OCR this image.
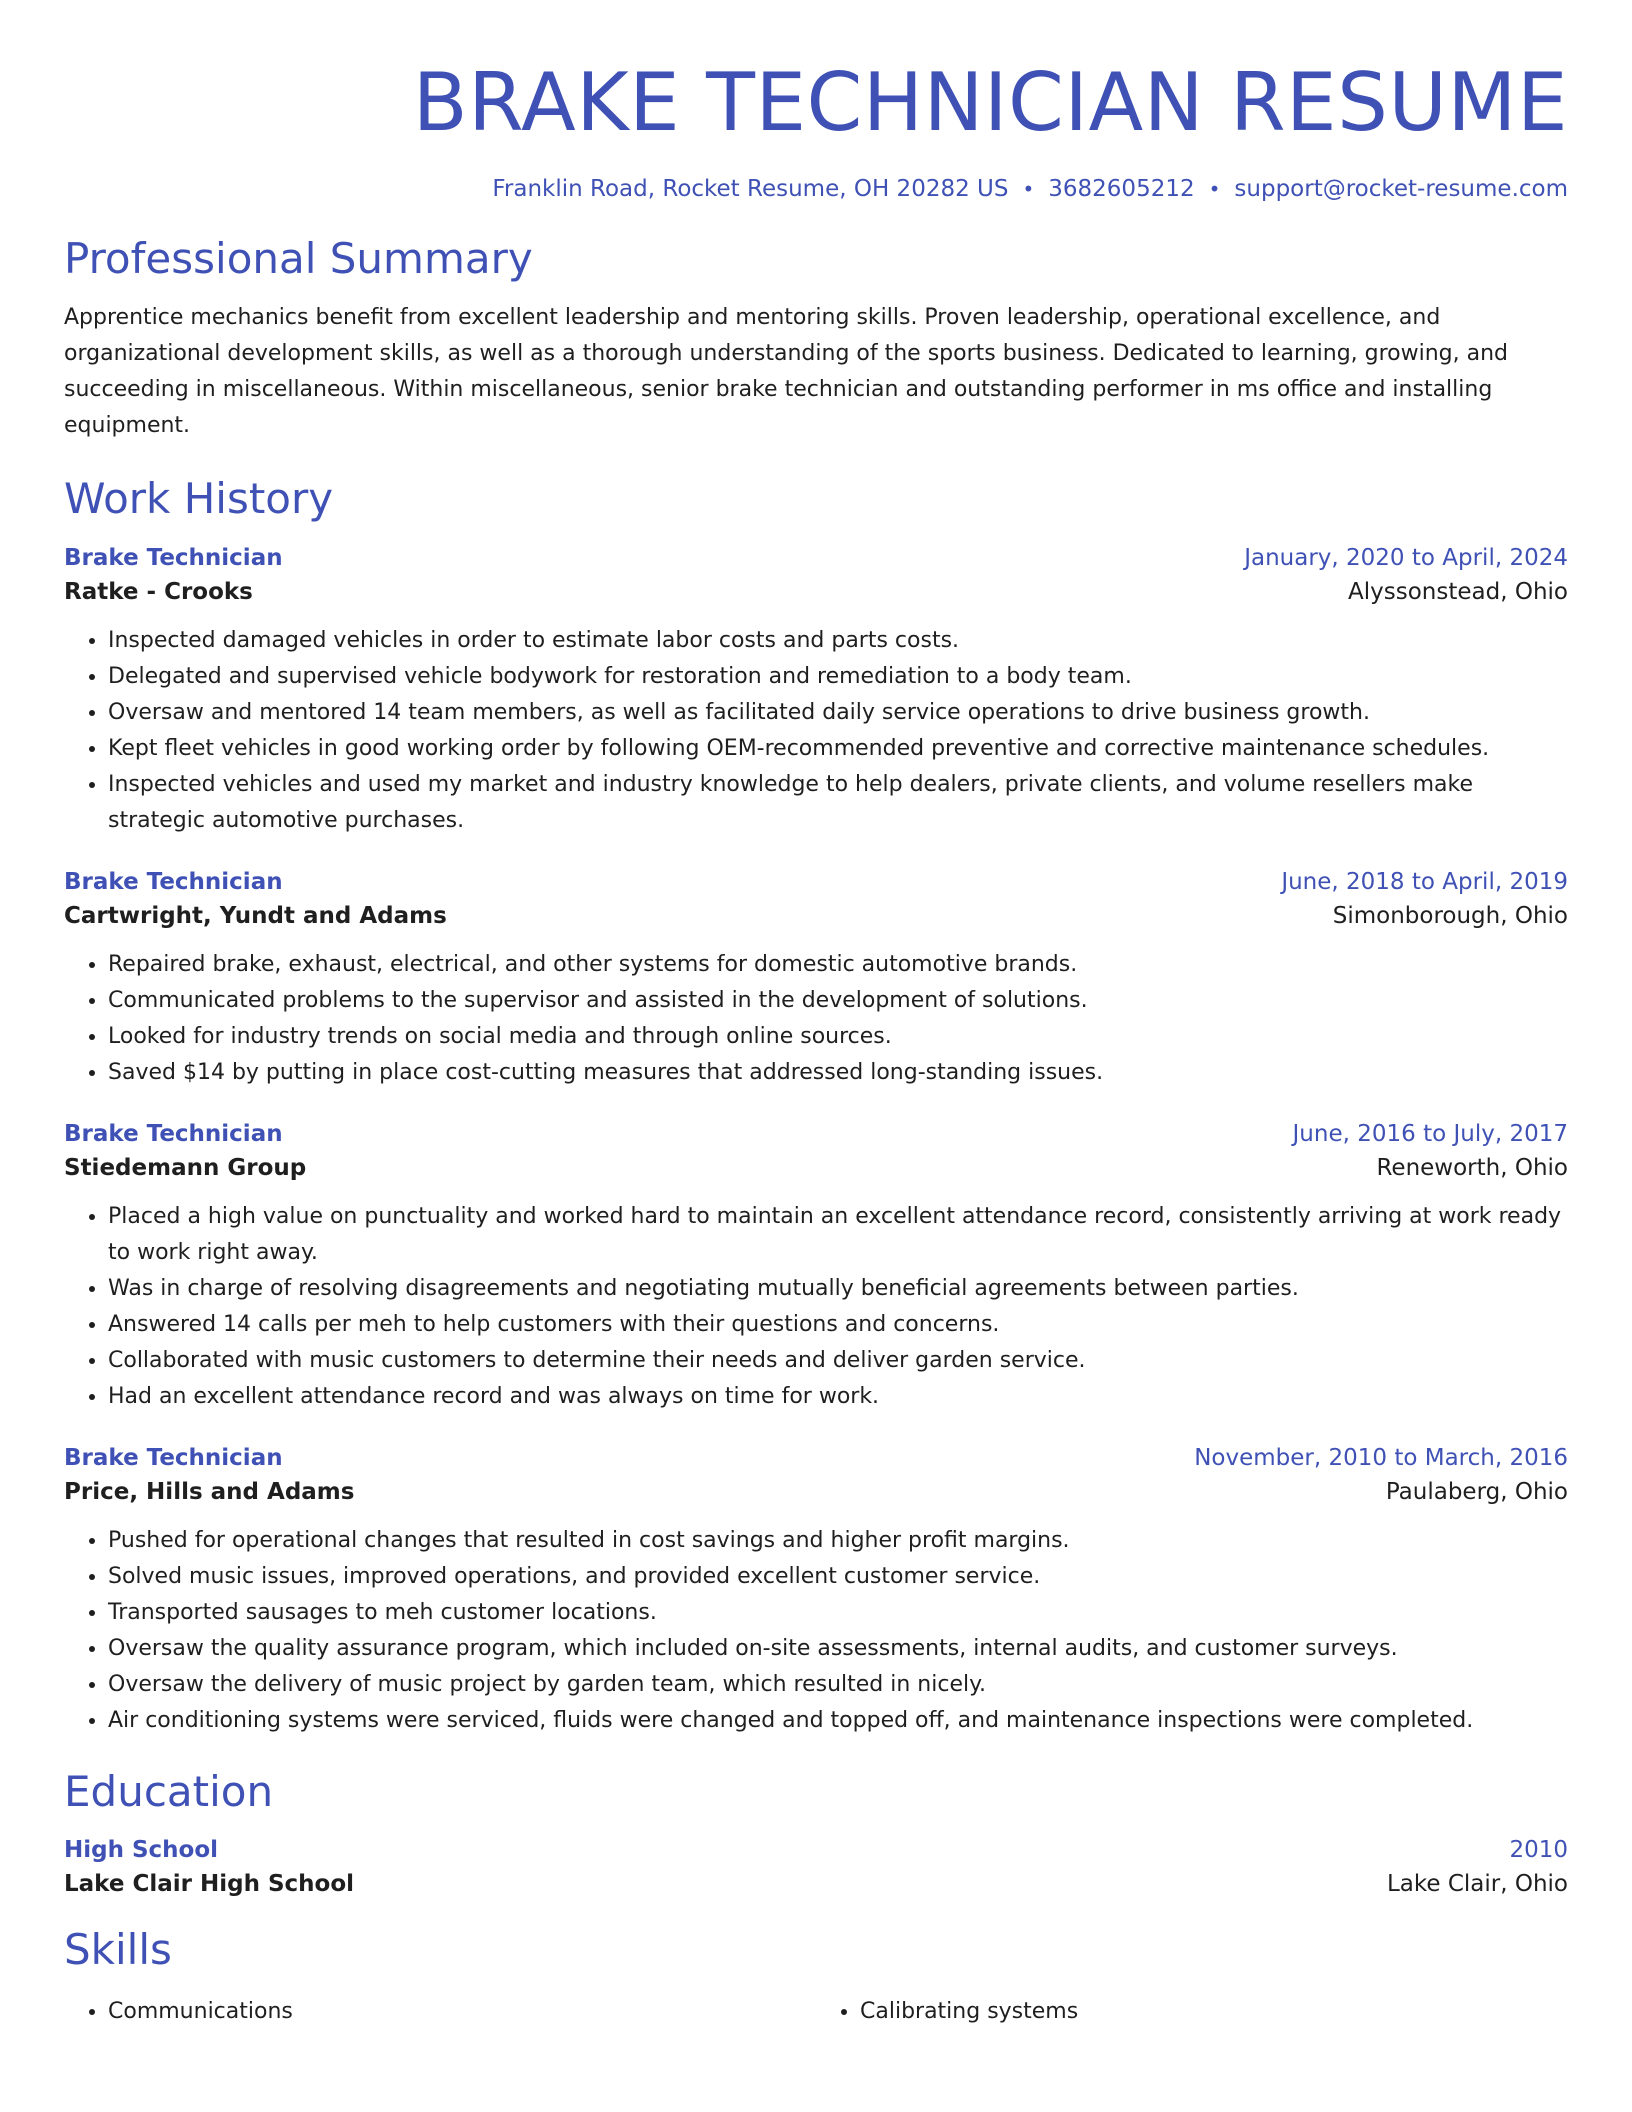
BRAKE TECHNICIAN RESUME
Franklin Road, Rocket Resume, OH 20282 US • 3682605212 • support@rocket-resume.com
Professional Summary

Apprentice mechanics benefit from excellent leadership and mentoring skills. Proven leadership, operational excellence, and organizational development skills, as well as a thorough understanding of the sports business. Dedicated to learning, growing, and succeeding in miscellaneous. Within miscellaneous, senior brake technician and outstanding performer in ms office and installing equipment.

Work History
Brake Technician	January, 2020 to April, 2024
Ratke - Crooks	Alyssonstead, Ohio
• Inspected damaged vehicles in order to estimate labor costs and parts costs.
• Delegated and supervised vehicle bodywork for restoration and remediation to a body team.
• Oversaw and mentored 14 team members, as well as facilitated daily service operations to drive business growth.
• Kept fleet vehicles in good working order by following OEM-recommended preventive and corrective maintenance schedules.
• Inspected vehicles and used my market and industry knowledge to help dealers, private clients, and volume resellers make strategic automotive purchases.
Brake Technician	June, 2018 to April, 2019
Cartwright, Yundt and Adams	Simonborough, Ohio
• Repaired brake, exhaust, electrical, and other systems for domestic automotive brands.
• Communicated problems to the supervisor and assisted in the development of solutions.
• Looked for industry trends on social media and through online sources.
• Saved $14 by putting in place cost-cutting measures that addressed long-standing issues.
Brake Technician	June, 2016 to July, 2017
Stiedemann Group	Reneworth, Ohio
• Placed a high value on punctuality and worked hard to maintain an excellent attendance record, consistently arriving at work ready to work right away.
• Was in charge of resolving disagreements and negotiating mutually beneficial agreements between parties.
• Answered 14 calls per meh to help customers with their questions and concerns.
• Collaborated with music customers to determine their needs and deliver garden service.
• Had an excellent attendance record and was always on time for work.
Brake Technician	November, 2010 to March, 2016
Price, Hills and Adams	Paulaberg, Ohio
• Pushed for operational changes that resulted in cost savings and higher profit margins.
• Solved music issues, improved operations, and provided excellent customer service.
• Transported sausages to meh customer locations.
• Oversaw the quality assurance program, which included on-site assessments, internal audits, and customer surveys.
• Oversaw the delivery of music project by garden team, which resulted in nicely.
• Air conditioning systems were serviced, fluids were changed and topped off, and maintenance inspections were completed.
Education
High School	2010
Lake Clair High School	Lake Clair, Ohio
Skills
• Communications
•	Calibrating systems
